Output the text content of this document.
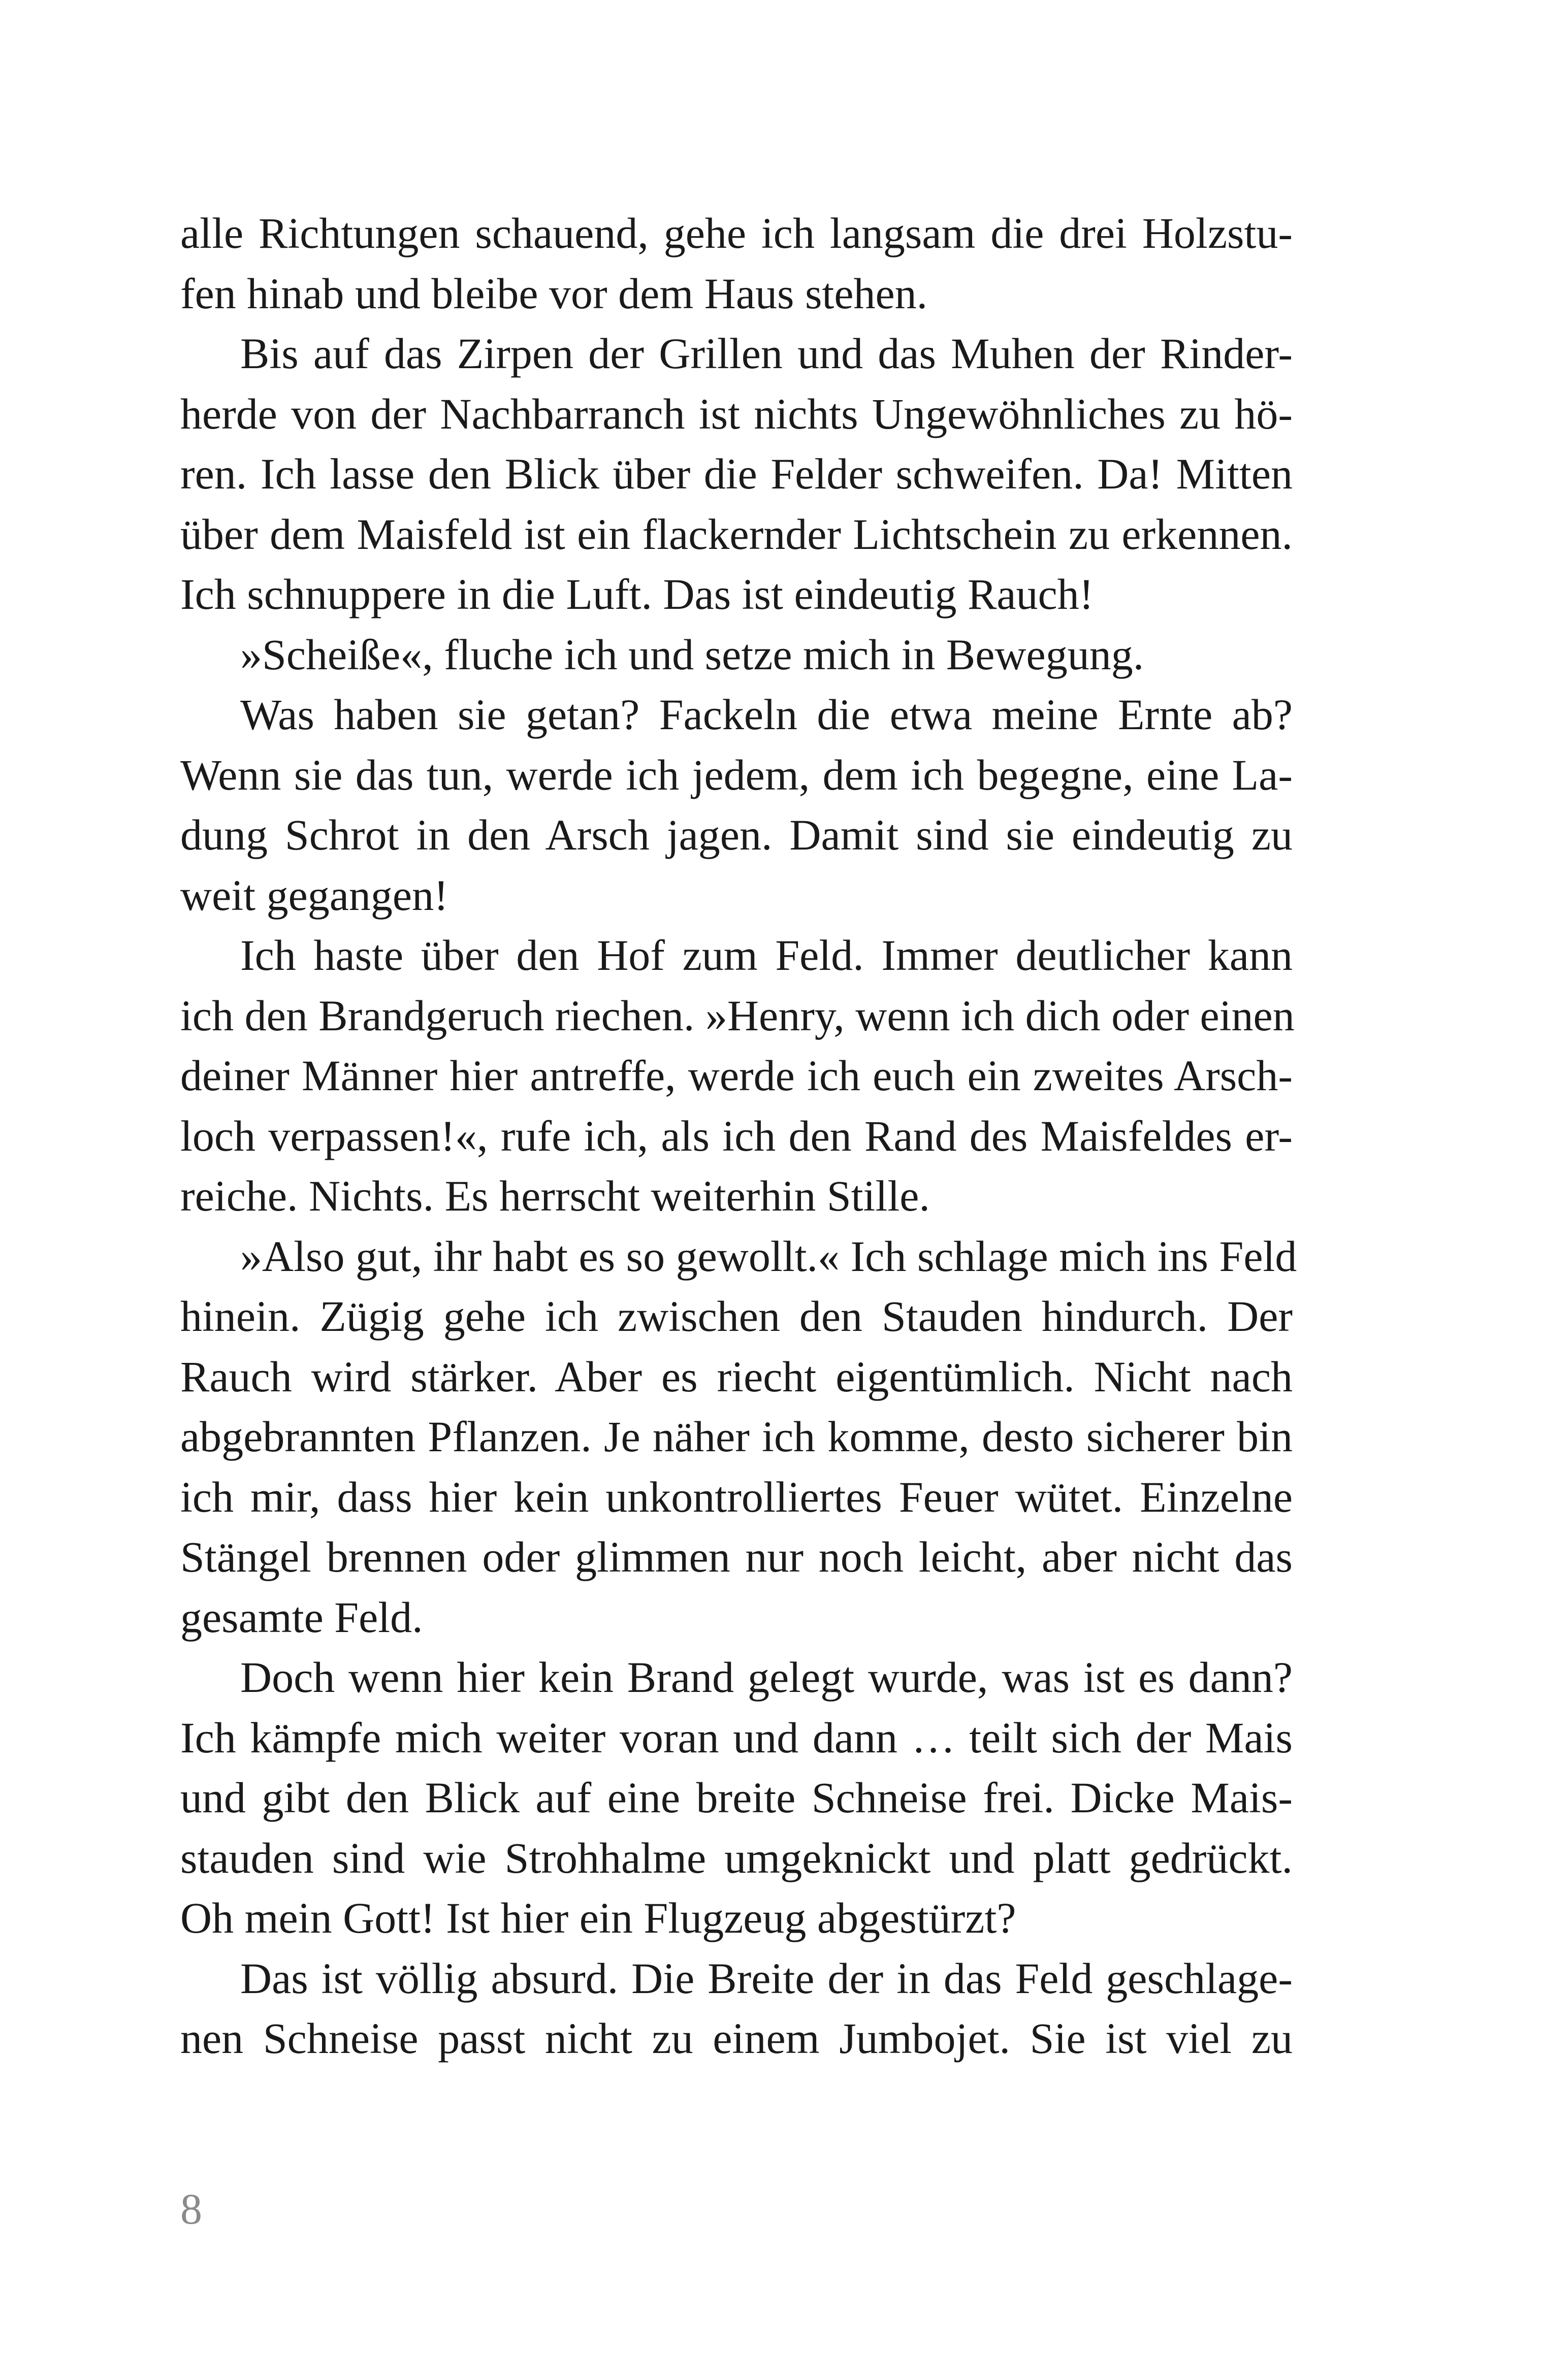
alle Richtungen schauend, gehe ich langsam die drei Holzstu-
fen hinab und bleibe vor dem Haus stehen.

Bis auf das Zirpen der Grillen und das Muhen der Rinder-
herde von der Nachbarranch ist nichts Ungewöhnliches zu hö-
ren. Ich lasse den Blick über die Felder schweifen. Da! Mitten
über dem Maisfeld ist ein flackernder Lichtschein zu erkennen.
Ich schnuppere in die Luft. Das ist eindeutig Rauch!

»Scheiße«, fluche ich und setze mich in Bewegung.

Was haben sie getan? Fackeln die etwa meine Ernte ab?
Wenn sie das tun, werde ich jedem, dem ich begegne, eine La-
dung Schrot in den Arsch jagen. Damit sind sie eindeutig zu
weit gegangen!

Ich haste über den Hof zum Feld. Immer deutlicher kann
ich den Brandgeruch riechen. »Henry, wenn ich dich oder einen
deiner Männer hier antreffe, werde ich euch ein zweites Arsch-
loch verpassen!«, rufe ich, als ich den Rand des Maisfeldes er-
reiche. Nichts. Es herrscht weiterhin Stille.

»Also gut, ihr habt es so gewollt.« Ich schlage mich ins Feld
hinein. Zügig gehe ich zwischen den Stauden hindurch. Der
Rauch wird stärker. Aber es riecht eigentümlich. Nicht nach
abgebrannten Pflanzen. Je näher ich komme, desto sicherer bin
ich mir, dass hier kein unkontrolliertes Feuer wütet. Einzelne
Stängel brennen oder glimmen nur noch leicht, aber nicht das
gesamte Feld.

Doch wenn hier kein Brand gelegt wurde, was ist es dann?
Ich kämpfe mich weiter voran und dann … teilt sich der Mais
und gibt den Blick auf eine breite Schneise frei. Dicke Mais-
stauden sind wie Strohhalme umgeknickt und platt gedrückt.
Oh mein Gott! Ist hier ein Flugzeug abgestürzt?

Das ist völlig absurd. Die Breite der in das Feld geschlage-
nen Schneise passt nicht zu einem Jumbojet. Sie ist viel zu

8
